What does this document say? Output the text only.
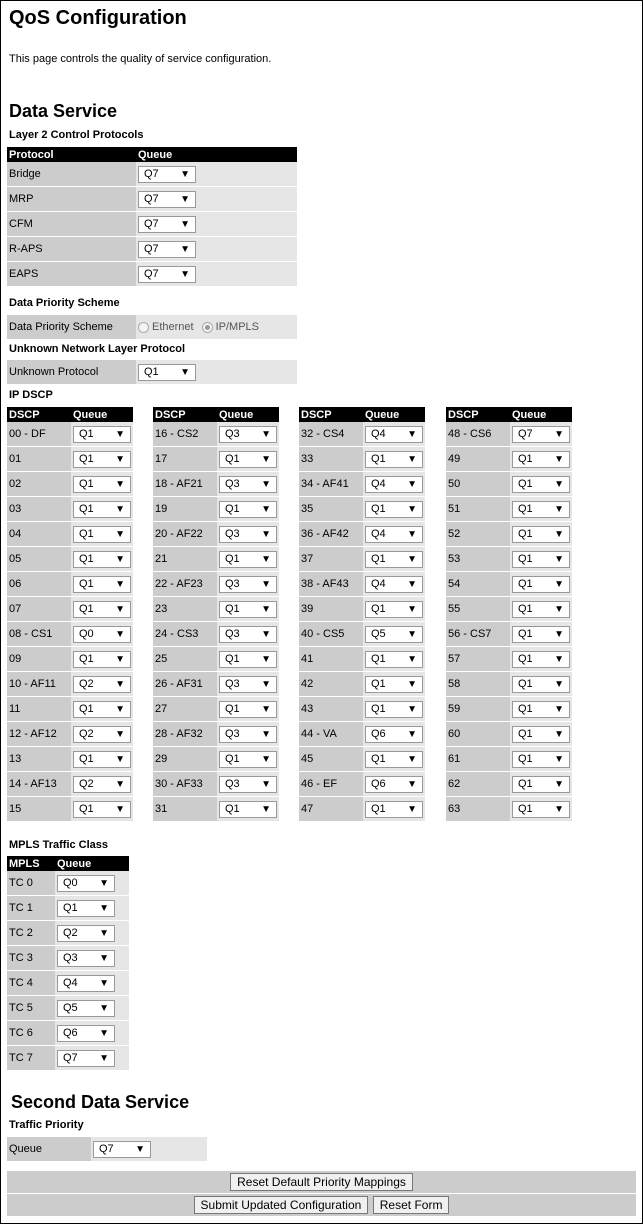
QoS Configuration
This page controls the quality of service configuration.
Data Service
Layer 2 Control Protocols
Protocol	Queue
Bridge	Q7 ▼

MRP	Q7 ▼

CFM	Q7 ▼

R-APS	Q7 ▼

EAPS	Q7 ▼
Data Priority Scheme
Data Priority Scheme	Ethernet IP/MPLS
Unknown Network Layer Protocol
Unknown Protocol	Q1 ▼
IP DSCP
DSCP	Queue
00 - DF	Q1 ▼

01	Q1 ▼

02	Q1 ▼

03	Q1 ▼

04	Q1 ▼

05	Q1 ▼

06	Q1 ▼

07	Q1 ▼

08 - CS1	Q0 ▼

09	Q1 ▼

10 - AF11	Q2 ▼

11	Q1 ▼

12 - AF12	Q2 ▼

13	Q1 ▼

14 - AF13	Q2 ▼

15	Q1 ▼
DSCP	Queue
16 - CS2	Q3 ▼

17	Q1 ▼

18 - AF21	Q3 ▼

19	Q1 ▼

20 - AF22	Q3 ▼

21	Q1 ▼

22 - AF23	Q3 ▼

23	Q1 ▼

24 - CS3	Q3 ▼

25	Q1 ▼

26 - AF31	Q3 ▼

27	Q1 ▼

28 - AF32	Q3 ▼

29	Q1 ▼

30 - AF33	Q3 ▼

31	Q1 ▼
DSCP	Queue
32 - CS4	Q4 ▼

33	Q1 ▼

34 - AF41	Q4 ▼

35	Q1 ▼

36 - AF42	Q4 ▼

37	Q1 ▼

38 - AF43	Q4 ▼

39	Q1 ▼

40 - CS5	Q5 ▼

41	Q1 ▼

42	Q1 ▼

43	Q1 ▼

44 - VA	Q6 ▼

45	Q1 ▼

46 - EF	Q6 ▼

47	Q1 ▼
DSCP	Queue
48 - CS6	Q7 ▼

49	Q1 ▼

50	Q1 ▼

51	Q1 ▼

52	Q1 ▼

53	Q1 ▼

54	Q1 ▼

55	Q1 ▼

56 - CS7	Q1 ▼

57	Q1 ▼

58	Q1 ▼

59	Q1 ▼

60	Q1 ▼

61	Q1 ▼

62	Q1 ▼

63	Q1 ▼
MPLS Traffic Class
MPLS	Queue
TC 0	Q0 ▼

TC 1	Q1 ▼

TC 2	Q2 ▼

TC 3	Q3 ▼

TC 4	Q4 ▼

TC 5	Q5 ▼

TC 6	Q6 ▼

TC 7	Q7 ▼
Second Data Service
Traffic Priority
Queue	Q7 ▼
Reset Default Priority Mappings
Submit Updated Configuration Reset Form
